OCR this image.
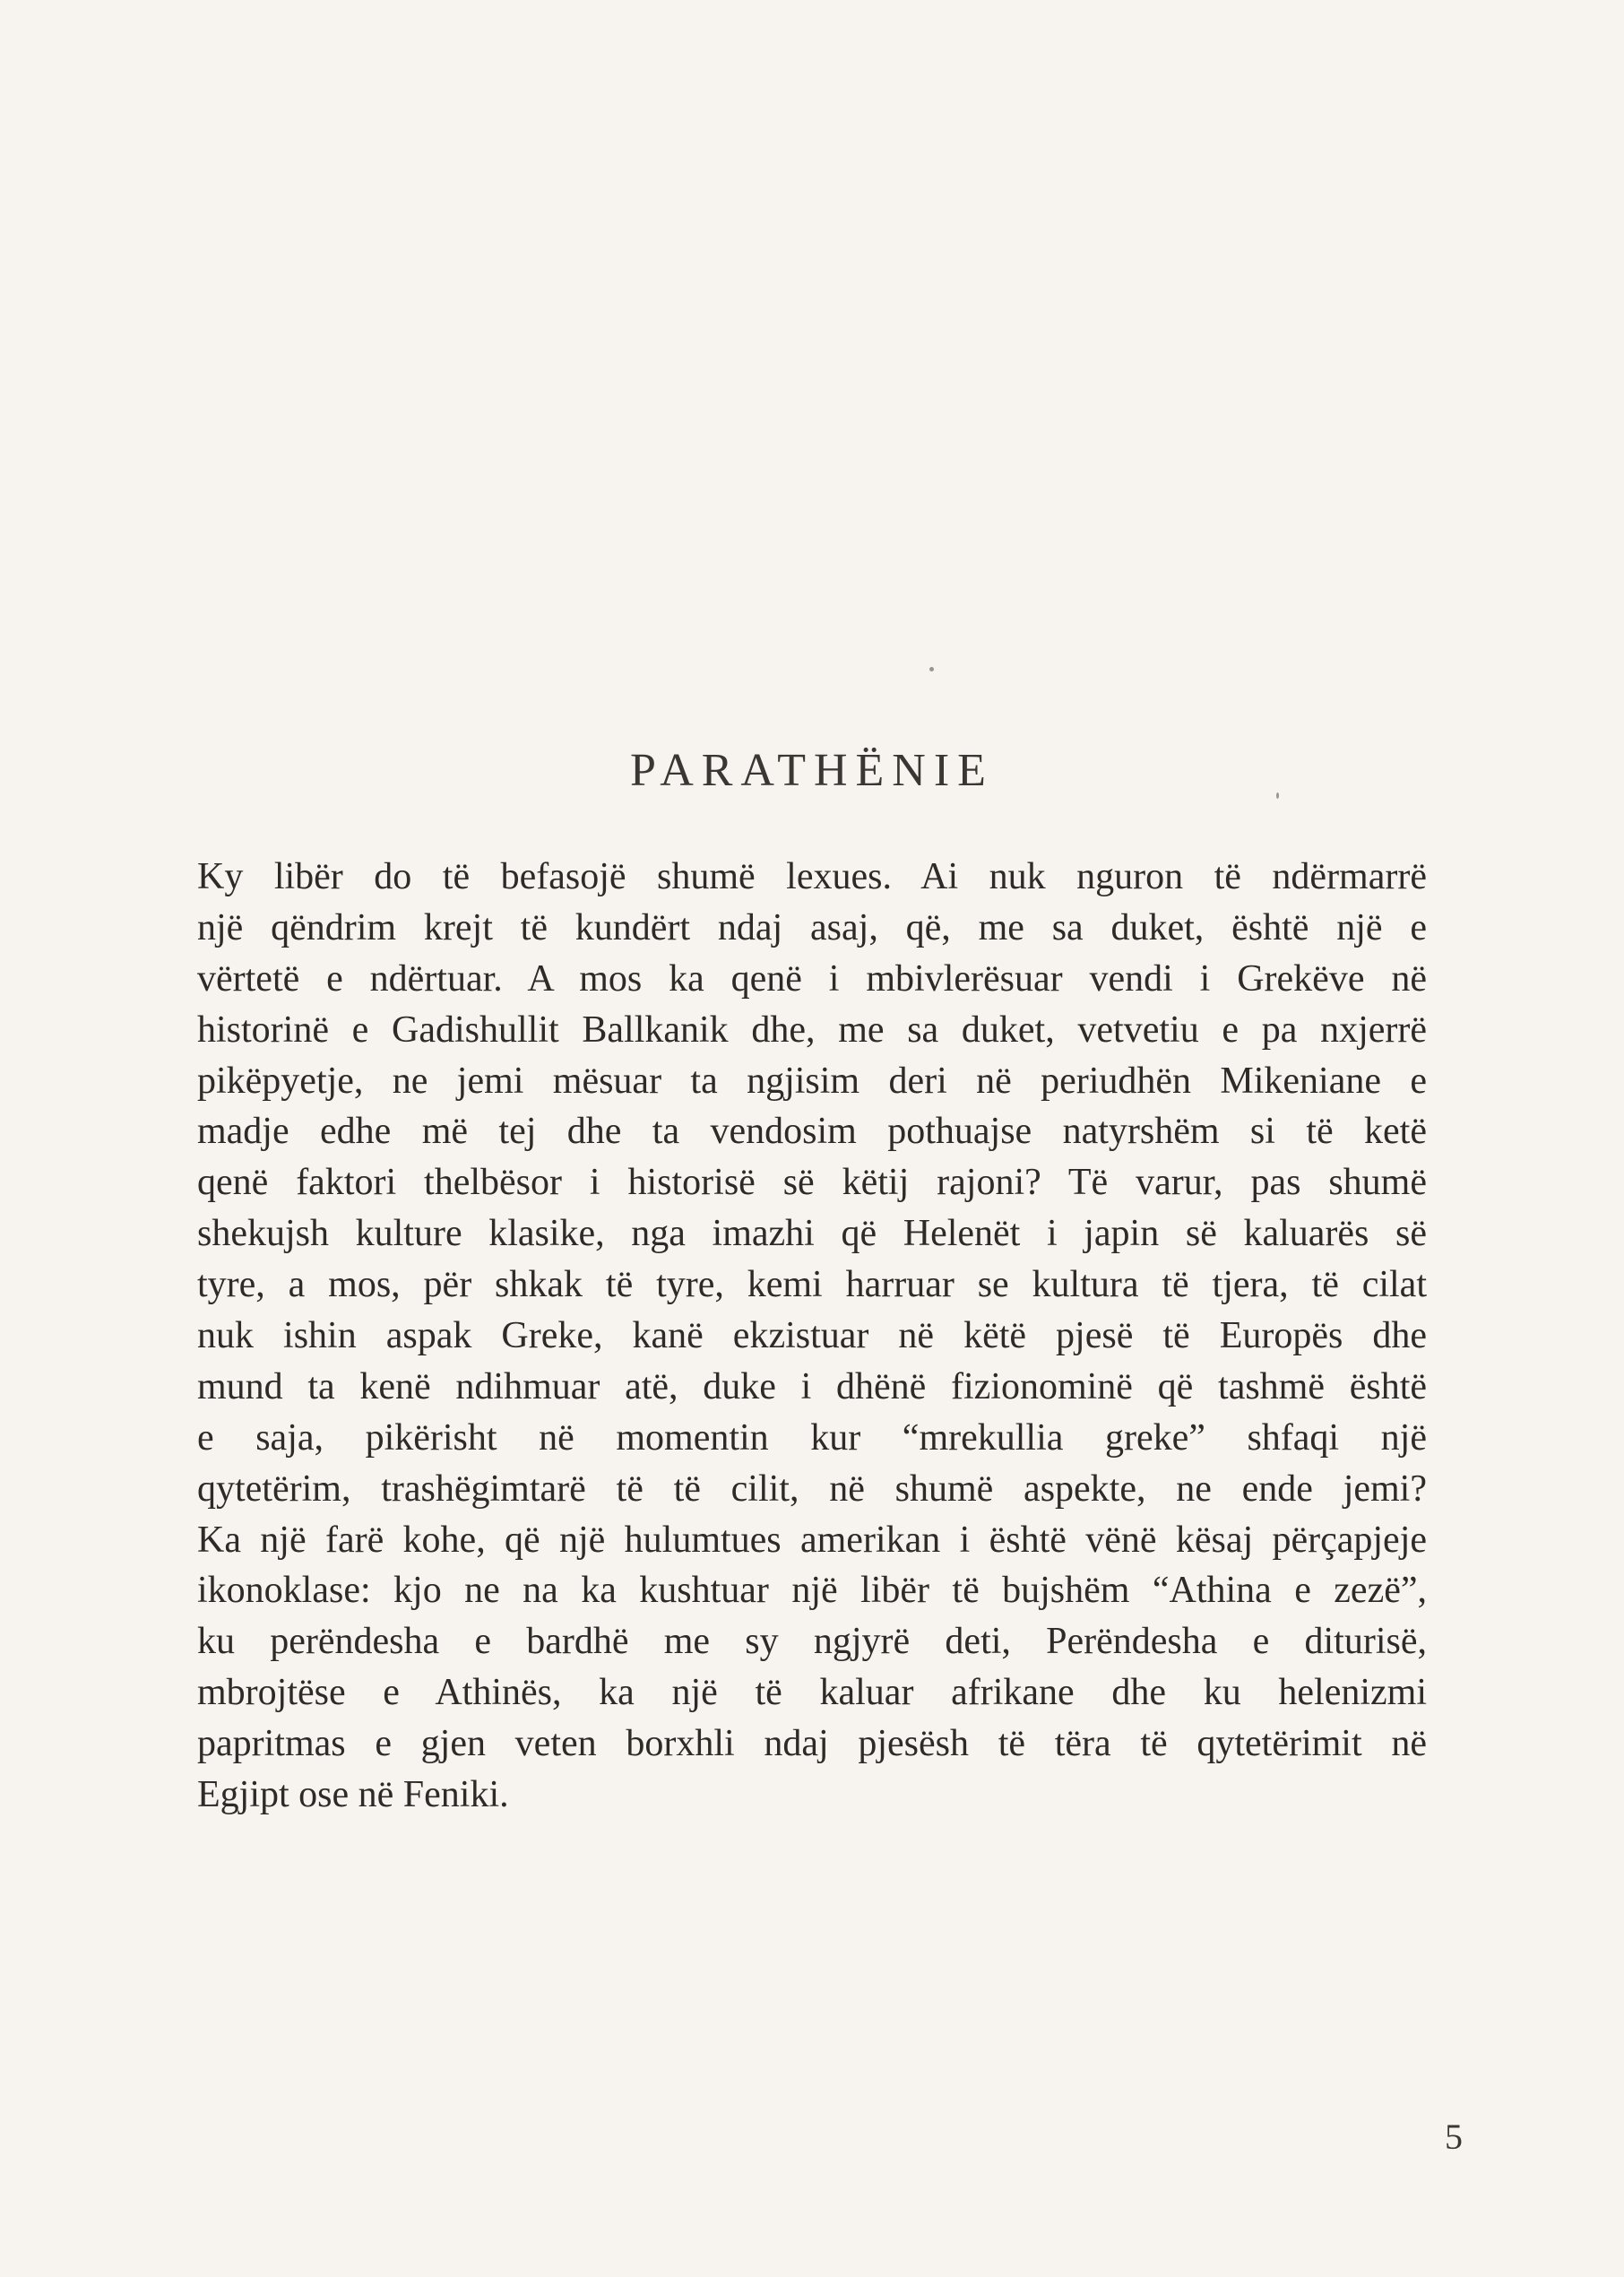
PARATHËNIE
Ky libër do të befasojë shumë lexues. Ai nuk nguron të ndërmarrë
një qëndrim krejt të kundërt ndaj asaj, që, me sa duket, është një e
vërtetë e ndërtuar. A mos ka qenë i mbivlerësuar vendi i Grekëve në
historinë e Gadishullit Ballkanik dhe, me sa duket, vetvetiu e pa nxjerrë
pikëpyetje, ne jemi mësuar ta ngjisim deri në periudhën Mikeniane e
madje edhe më tej dhe ta vendosim pothuajse natyrshëm si të ketë
qenë faktori thelbësor i historisë së këtij rajoni? Të varur, pas shumë
shekujsh kulture klasike, nga imazhi që Helenët i japin së kaluarës së
tyre, a mos, për shkak të tyre, kemi harruar se kultura të tjera, të cilat
nuk ishin aspak Greke, kanë ekzistuar në këtë pjesë të Europës dhe
mund ta kenë ndihmuar atë, duke i dhënë fizionominë që tashmë është
e saja, pikërisht në momentin kur “mrekullia greke” shfaqi një
qytetërim, trashëgimtarë të të cilit, në shumë aspekte, ne ende jemi?
Ka një farë kohe, që një hulumtues amerikan i është vënë kësaj përçapjeje
ikonoklase: kjo ne na ka kushtuar një libër të bujshëm “Athina e zezë”,
ku perëndesha e bardhë me sy ngjyrë deti, Perëndesha e diturisë,
mbrojtëse e Athinës, ka një të kaluar afrikane dhe ku helenizmi
papritmas e gjen veten borxhli ndaj pjesësh të tëra të qytetërimit në
Egjipt ose në Feniki.
5
